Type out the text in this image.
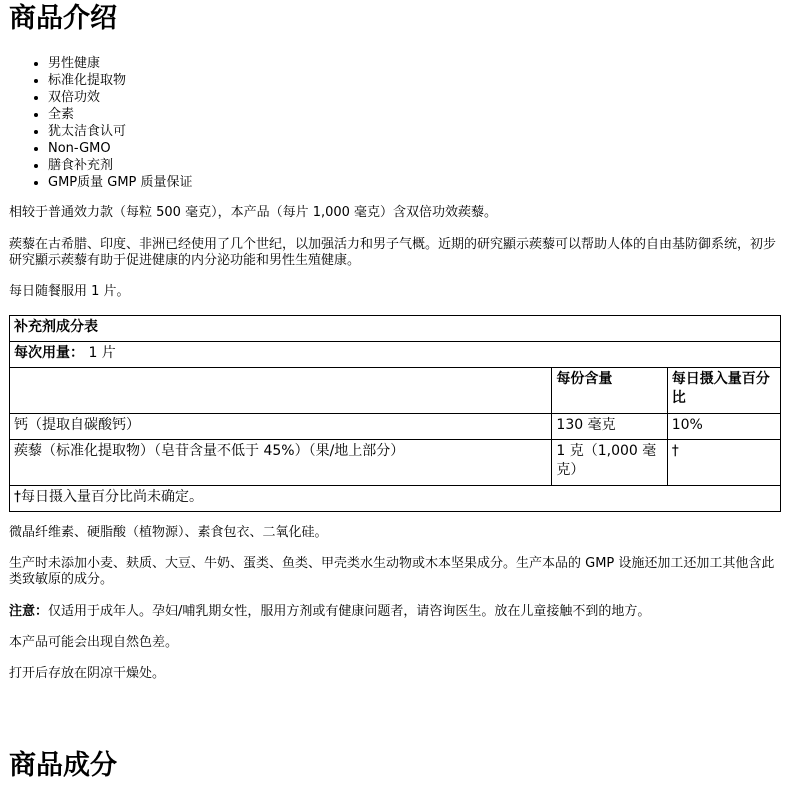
商品介绍
• 男性健康
• 标准化提取物
• 双倍功效
• 全素
• 犹太洁食认可
• Non-GMO
• 膳食补充剂
• GMP质量 GMP 质量保证

相较于普通效力款（每粒 500 毫克），本产品（每片 1,000 毫克）含双倍功效蒺藜。

蒺藜在古希腊、印度、非洲已经使用了几个世纪，以加强活力和男子气概。近期的研究顯示蒺藜可以帮助人体的自由基防御系统，初步研究顯示蒺藜有助于促进健康的内分泌功能和男性生殖健康。

每日随餐服用 1 片。

补充剂成分表		
每次用量： 1 片		
	每份含量	每日摄入量百分比
钙（提取自碳酸钙）	130 毫克	10%
蒺藜（标准化提取物）（皂苷含量不低于 45%）（果/地上部分）	1 克（1,000 毫克）	†
†每日摄入量百分比尚未确定。		

微晶纤维素、硬脂酸（植物源）、素食包衣、二氧化硅。

生产时未添加小麦、麸质、大豆、牛奶、蛋类、鱼类、甲壳类水生动物或木本坚果成分。生产本品的 GMP 设施还加工还加工其他含此类致敏原的成分。

注意：仅适用于成年人。孕妇/哺乳期女性，服用方剂或有健康问题者，请咨询医生。放在儿童接触不到的地方。

本产品可能会出现自然色差。

打开后存放在阴凉干燥处。

商品成分
